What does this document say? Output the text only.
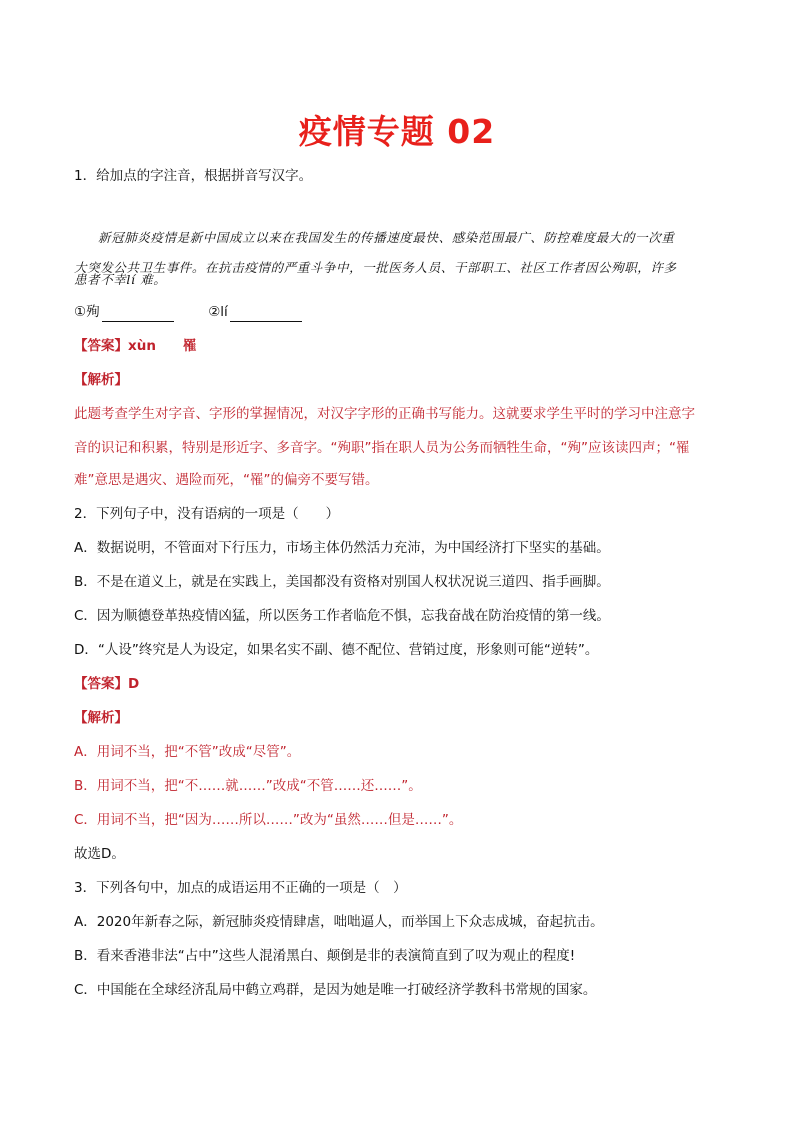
疫情专题 02
1．给加点的字注音，根据拼音写汉字。
新冠肺炎疫情是新中国成立以来在我国发生的传播速度最快、感染范围最广、防控难度最大的一次重
大突发公共卫生事件。在抗击疫情的严重斗争中，一批医务人员、干部职工、社区工作者因公殉职，许多
患者不幸lí 难。
①殉	②lí
【答案】xùn　　罹
【解析】
此题考查学生对字音、字形的掌握情况，对汉字字形的正确书写能力。这就要求学生平时的学习中注意字
音的识记和积累，特别是形近字、多音字。“殉职”指在职人员为公务而牺牲生命，“殉”应该读四声；“罹
难”意思是遇灾、遇险而死，“罹”的偏旁不要写错。
2．下列句子中，没有语病的一项是（　　）
A．数据说明，不管面对下行压力，市场主体仍然活力充沛，为中国经济打下坚实的基础。
B．不是在道义上，就是在实践上，美国都没有资格对别国人权状况说三道四、指手画脚。
C．因为顺德登革热疫情凶猛，所以医务工作者临危不惧，忘我奋战在防治疫情的第一线。
D．“人设”终究是人为设定，如果名实不副、德不配位、营销过度，形象则可能“逆转”。
【答案】D
【解析】
A．用词不当，把“不管”改成“尽管”。
B．用词不当，把“不……就……”改成“不管……还……”。
C．用词不当，把“因为……所以……”改为“虽然……但是……”。
故选D。
3．下列各句中，加点的成语运用不正确的一项是（　）
A．2020年新春之际，新冠肺炎疫情肆虐，咄咄逼人，而举国上下众志成城，奋起抗击。
B．看来香港非法“占中”这些人混淆黑白、颠倒是非的表演简直到了叹为观止的程度!
C．中国能在全球经济乱局中鹤立鸡群，是因为她是唯一打破经济学教科书常规的国家。
